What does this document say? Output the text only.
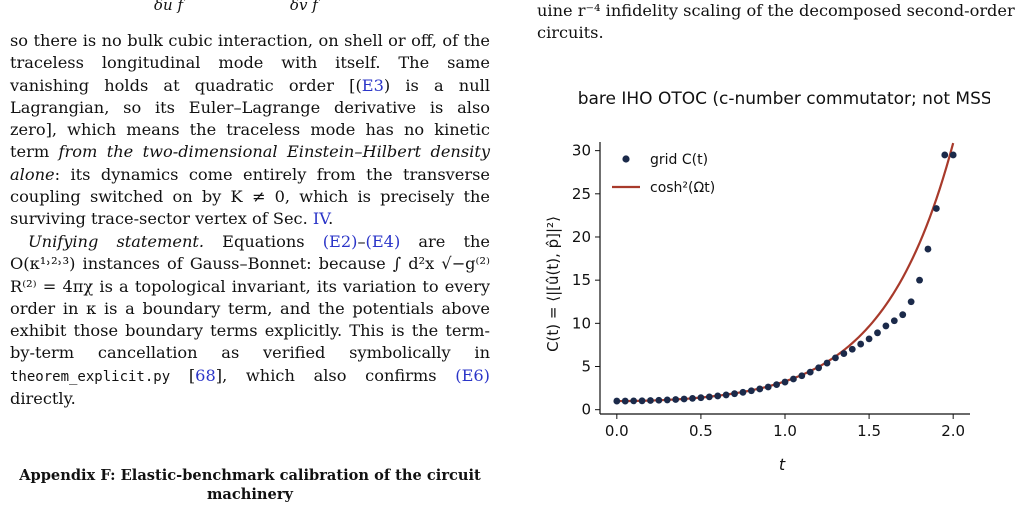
δu f	δv f

so there is no bulk cubic interaction, on shell or off, of the traceless longitudinal mode with itself. The same vanishing holds at quadratic order [(E3) is a null Lagrangian, so its Euler–Lagrange derivative is also zero], which means the traceless mode has no kinetic term from the two-dimensional Einstein–Hilbert density alone: its dynamics come entirely from the transverse coupling switched on by K ≠ 0, which is precisely the surviving trace-sector vertex of Sec. IV.

Unifying statement. Equations (E2)–(E4) are the O(κ¹˒²˒³) instances of Gauss–Bonnet: because ∫ d²x √−g⁽²⁾ R⁽²⁾ = 4πχ is a topological invariant, its variation to every order in κ is a boundary term, and the potentials above exhibit those boundary terms explicitly. This is the term-by-term cancellation as verified symbolically in theorem_explicit.py [68], which also confirms (E6) directly.

Appendix F: Elastic-benchmark calibration of the circuit machinery

uine r⁻⁴ infidelity scaling of the decomposed second-order circuits.

bare IHO OTOC (c-number commutator; not MSS)
0.0	0.5	1.0	1.5	2.0
0
5
10
15
20
25
30
grid C(t)
cosh²(Ωt)
t
C(t) = ⟨|[û(t), p̂]|²⟩
